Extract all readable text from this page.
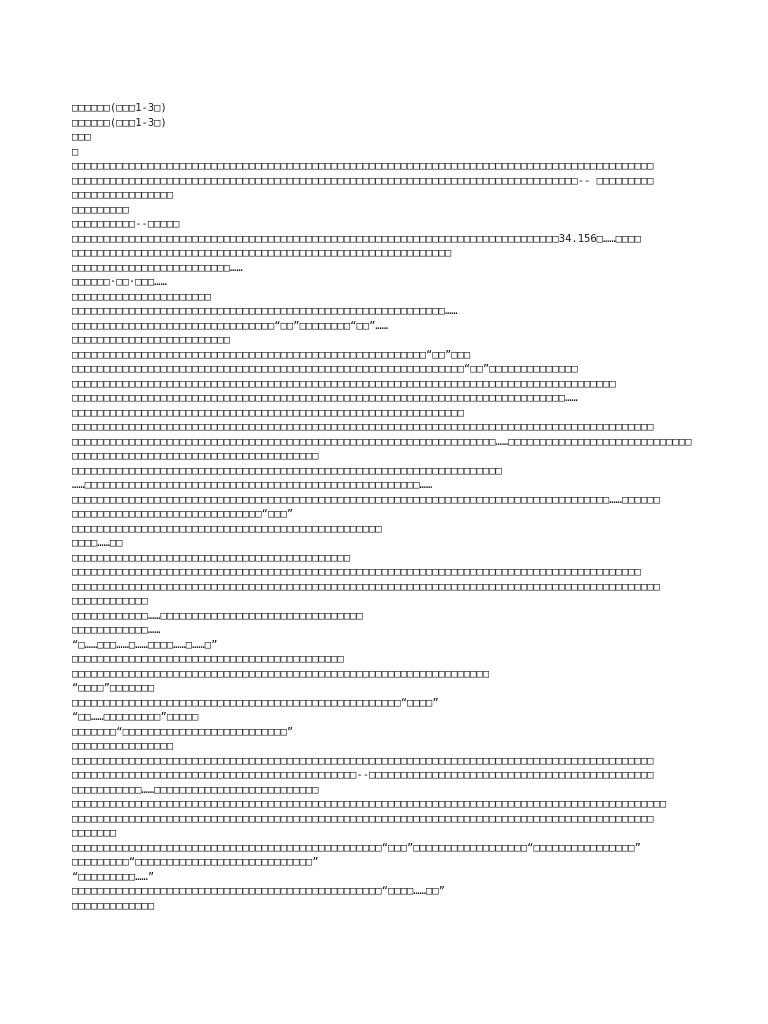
□□□□□□(□□□1-3□)
□□□□□□(□□□1-3□)
□□□
□
□□□□□□□□□□□□□□□□□□□□□□□□□□□□□□□□□□□□□□□□□□□□□□□□□□□□□□□□□□□□□□□□□□□□□□□□□□□□□□□□□□□□□□□□□□□□
□□□□□□□□□□□□□□□□□□□□□□□□□□□□□□□□□□□□□□□□□□□□□□□□□□□□□□□□□□□□□□□□□□□□□□□□□□□□□□□□-- □□□□□□□□□
□□□□□□□□□□□□□□□□
□□□□□□□□□
□□□□□□□□□□--□□□□□
□□□□□□□□□□□□□□□□□□□□□□□□□□□□□□□□□□□□□□□□□□□□□□□□□□□□□□□□□□□□□□□□□□□□□□□□□□□□□34.156□……□□□□
□□□□□□□□□□□□□□□□□□□□□□□□□□□□□□□□□□□□□□□□□□□□□□□□□□□□□□□□□□□□
□□□□□□□□□□□□□□□□□□□□□□□□□……
□□□□□□·□□·□□□……
□□□□□□□□□□□□□□□□□□□□□□
□□□□□□□□□□□□□□□□□□□□□□□□□□□□□□□□□□□□□□□□□□□□□□□□□□□□□□□□□□□……
□□□□□□□□□□□□□□□□□□□□□□□□□□□□□□□□“□□”□□□□□□□□“□□”……
□□□□□□□□□□□□□□□□□□□□□□□□□
□□□□□□□□□□□□□□□□□□□□□□□□□□□□□□□□□□□□□□□□□□□□□□□□□□□□□□□□“□□”□□□
□□□□□□□□□□□□□□□□□□□□□□□□□□□□□□□□□□□□□□□□□□□□□□□□□□□□□□□□□□□□□□“□□”□□□□□□□□□□□□□□
□□□□□□□□□□□□□□□□□□□□□□□□□□□□□□□□□□□□□□□□□□□□□□□□□□□□□□□□□□□□□□□□□□□□□□□□□□□□□□□□□□□□□□
□□□□□□□□□□□□□□□□□□□□□□□□□□□□□□□□□□□□□□□□□□□□□□□□□□□□□□□□□□□□□□□□□□□□□□□□□□□□□□……
□□□□□□□□□□□□□□□□□□□□□□□□□□□□□□□□□□□□□□□□□□□□□□□□□□□□□□□□□□□□□□
□□□□□□□□□□□□□□□□□□□□□□□□□□□□□□□□□□□□□□□□□□□□□□□□□□□□□□□□□□□□□□□□□□□□□□□□□□□□□□□□□□□□□□□□□□□□
□□□□□□□□□□□□□□□□□□□□□□□□□□□□□□□□□□□□□□□□□□□□□□□□□□□□□□□□□□□□□□□□□□□……□□□□□□□□□□□□□□□□□□□□□□□□□□□□□
□□□□□□□□□□□□□□□□□□□□□□□□□□□□□□□□□□□□□□□
□□□□□□□□□□□□□□□□□□□□□□□□□□□□□□□□□□□□□□□□□□□□□□□□□□□□□□□□□□□□□□□□□□□□
……□□□□□□□□□□□□□□□□□□□□□□□□□□□□□□□□□□□□□□□□□□□□□□□□□□□□□……
□□□□□□□□□□□□□□□□□□□□□□□□□□□□□□□□□□□□□□□□□□□□□□□□□□□□□□□□□□□□□□□□□□□□□□□□□□□□□□□□□□□□□……□□□□□□
□□□□□□□□□□□□□□□□□□□□□□□□□□□□□□“□□□”
□□□□□□□□□□□□□□□□□□□□□□□□□□□□□□□□□□□□□□□□□□□□□□□□□
□□□□……□□
□□□□□□□□□□□□□□□□□□□□□□□□□□□□□□□□□□□□□□□□□□□□
□□□□□□□□□□□□□□□□□□□□□□□□□□□□□□□□□□□□□□□□□□□□□□□□□□□□□□□□□□□□□□□□□□□□□□□□□□□□□□□□□□□□□□□□□□
□□□□□□□□□□□□□□□□□□□□□□□□□□□□□□□□□□□□□□□□□□□□□□□□□□□□□□□□□□□□□□□□□□□□□□□□□□□□□□□□□□□□□□□□□□□□□
□□□□□□□□□□□□
□□□□□□□□□□□□……□□□□□□□□□□□□□□□□□□□□□□□□□□□□□□□□
□□□□□□□□□□□□……
“□……□□□……□……□□□□……□……□”
□□□□□□□□□□□□□□□□□□□□□□□□□□□□□□□□□□□□□□□□□□□
□□□□□□□□□□□□□□□□□□□□□□□□□□□□□□□□□□□□□□□□□□□□□□□□□□□□□□□□□□□□□□□□□□
“□□□□”□□□□□□□
□□□□□□□□□□□□□□□□□□□□□□□□□□□□□□□□□□□□□□□□□□□□□□□□□□□□“□□□□”
“□□……□□□□□□□□□”□□□□□
□□□□□□□“□□□□□□□□□□□□□□□□□□□□□□□□□□”
□□□□□□□□□□□□□□□□
□□□□□□□□□□□□□□□□□□□□□□□□□□□□□□□□□□□□□□□□□□□□□□□□□□□□□□□□□□□□□□□□□□□□□□□□□□□□□□□□□□□□□□□□□□□□
□□□□□□□□□□□□□□□□□□□□□□□□□□□□□□□□□□□□□□□□□□□□□--□□□□□□□□□□□□□□□□□□□□□□□□□□□□□□□□□□□□□□□□□□□□□
□□□□□□□□□□□……□□□□□□□□□□□□□□□□□□□□□□□□□□
□□□□□□□□□□□□□□□□□□□□□□□□□□□□□□□□□□□□□□□□□□□□□□□□□□□□□□□□□□□□□□□□□□□□□□□□□□□□□□□□□□□□□□□□□□□□□□
□□□□□□□□□□□□□□□□□□□□□□□□□□□□□□□□□□□□□□□□□□□□□□□□□□□□□□□□□□□□□□□□□□□□□□□□□□□□□□□□□□□□□□□□□□□□
□□□□□□□
□□□□□□□□□□□□□□□□□□□□□□□□□□□□□□□□□□□□□□□□□□□□□□□□□“□□□”□□□□□□□□□□□□□□□□□□“□□□□□□□□□□□□□□□□”
□□□□□□□□□“□□□□□□□□□□□□□□□□□□□□□□□□□□□□”
“□□□□□□□□□……”
□□□□□□□□□□□□□□□□□□□□□□□□□□□□□□□□□□□□□□□□□□□□□□□□□“□□□□……□□”
□□□□□□□□□□□□□
